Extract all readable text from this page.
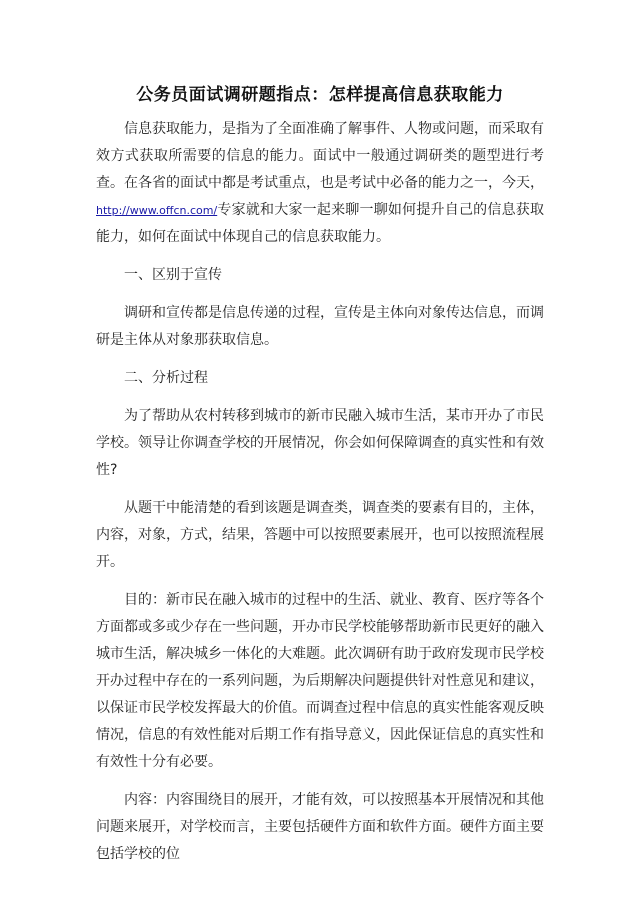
公务员面试调研题指点：怎样提高信息获取能力

信息获取能力，是指为了全面准确了解事件、人物或问题，而采取有效方式获取所需要的信息的能力。面试中一般通过调研类的题型进行考查。在各省的面试中都是考试重点，也是考试中必备的能力之一，今天，http://www.offcn.com/专家就和大家一起来聊一聊如何提升自己的信息获取能力，如何在面试中体现自己的信息获取能力。

一、区别于宣传

调研和宣传都是信息传递的过程，宣传是主体向对象传达信息，而调研是主体从对象那获取信息。

二、分析过程

为了帮助从农村转移到城市的新市民融入城市生活，某市开办了市民学校。领导让你调查学校的开展情况，你会如何保障调查的真实性和有效性?

从题干中能清楚的看到该题是调查类，调查类的要素有目的，主体，内容，对象，方式，结果，答题中可以按照要素展开，也可以按照流程展开。

目的：新市民在融入城市的过程中的生活、就业、教育、医疗等各个方面都或多或少存在一些问题，开办市民学校能够帮助新市民更好的融入城市生活，解决城乡一体化的大难题。此次调研有助于政府发现市民学校开办过程中存在的一系列问题，为后期解决问题提供针对性意见和建议，以保证市民学校发挥最大的价值。而调查过程中信息的真实性能客观反映情况，信息的有效性能对后期工作有指导意义，因此保证信息的真实性和有效性十分有必要。

内容：内容围绕目的展开，才能有效，可以按照基本开展情况和其他问题来展开，对学校而言，主要包括硬件方面和软件方面。硬件方面主要包括学校的位
